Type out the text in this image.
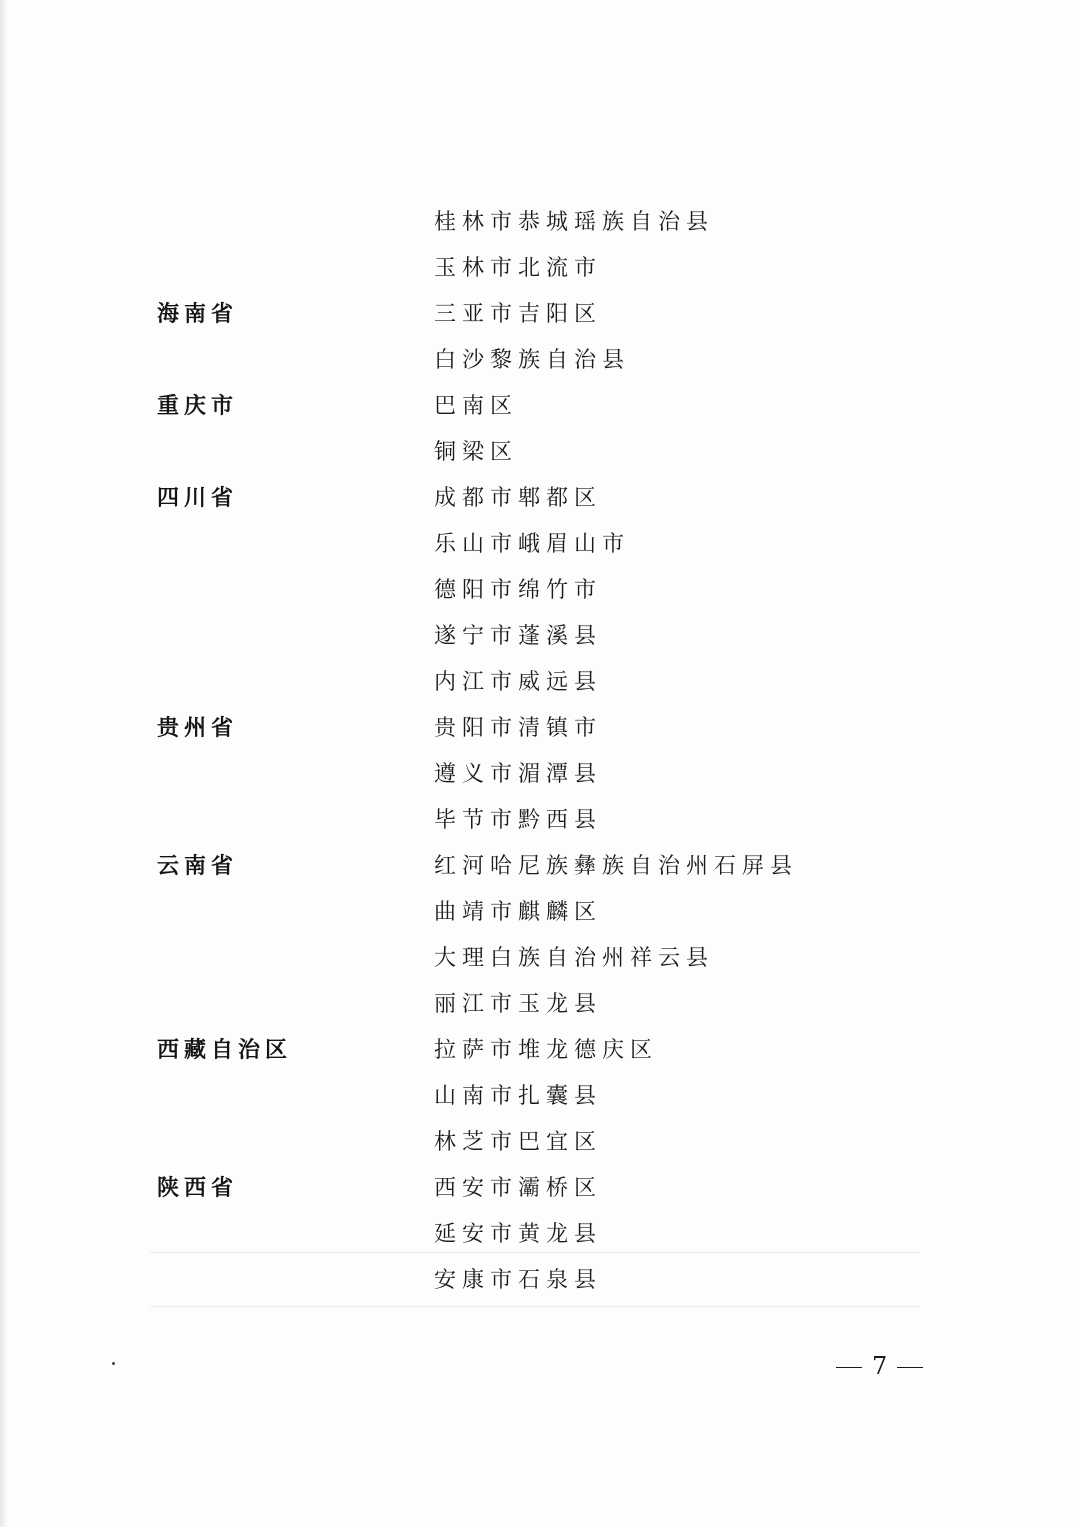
桂林市恭城瑶族自治县
玉林市北流市
海南省	三亚市吉阳区
白沙黎族自治县
重庆市	巴南区
铜梁区
四川省	成都市郫都区
乐山市峨眉山市
德阳市绵竹市
遂宁市蓬溪县
内江市威远县
贵州省	贵阳市清镇市
遵义市湄潭县
毕节市黔西县
云南省	红河哈尼族彝族自治州石屏县
曲靖市麒麟区
大理白族自治州祥云县
丽江市玉龙县
西藏自治区	拉萨市堆龙德庆区
山南市扎囊县
林芝市巴宜区
陕西省	西安市灞桥区
延安市黄龙县
安康市石泉县
7
